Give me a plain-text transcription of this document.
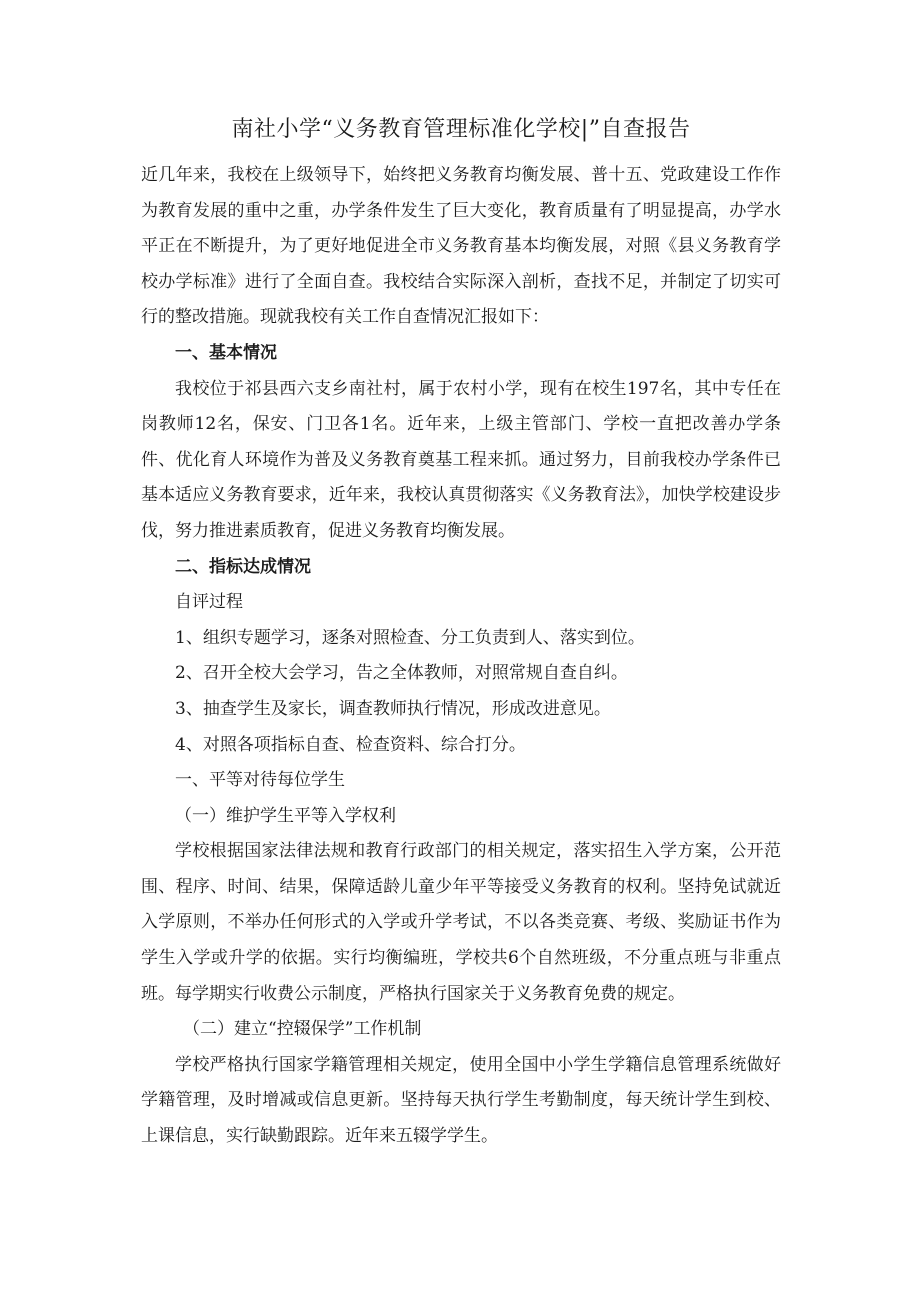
南社小学“义务教育管理标准化学校|”自查报告

近几年来，我校在上级领导下，始终把义务教育均衡发展、普十五、党政建设工作作为教育发展的重中之重，办学条件发生了巨大变化，教育质量有了明显提高，办学水平正在不断提升，为了更好地促进全市义务教育基本均衡发展，对照《县义务教育学校办学标准》进行了全面自查。我校结合实际深入剖析，查找不足，并制定了切实可行的整改措施。现就我校有关工作自查情况汇报如下：

一、基本情况

我校位于祁县西六支乡南社村，属于农村小学，现有在校生197名，其中专任在岗教师12名，保安、门卫各1名。近年来，上级主管部门、学校一直把改善办学条件、优化育人环境作为普及义务教育奠基工程来抓。通过努力，目前我校办学条件已基本适应义务教育要求，近年来，我校认真贯彻落实《义务教育法》，加快学校建设步伐，努力推进素质教育，促进义务教育均衡发展。

二、指标达成情况

自评过程

1、组织专题学习，逐条对照检查、分工负责到人、落实到位。

2、召开全校大会学习，告之全体教师，对照常规自查自纠。

3、抽查学生及家长，调查教师执行情况，形成改进意见。

4、对照各项指标自查、检查资料、综合打分。

一、平等对待每位学生

（一）维护学生平等入学权利

学校根据国家法律法规和教育行政部门的相关规定，落实招生入学方案，公开范围、程序、时间、结果，保障适龄儿童少年平等接受义务教育的权利。坚持免试就近入学原则，不举办任何形式的入学或升学考试，不以各类竞赛、考级、奖励证书作为学生入学或升学的依据。实行均衡编班，学校共6个自然班级，不分重点班与非重点班。每学期实行收费公示制度，严格执行国家关于义务教育免费的规定。

（二）建立“控辍保学”工作机制

学校严格执行国家学籍管理相关规定，使用全国中小学生学籍信息管理系统做好学籍管理，及时增减或信息更新。坚持每天执行学生考勤制度，每天统计学生到校、上课信息，实行缺勤跟踪。近年来五辍学学生。
